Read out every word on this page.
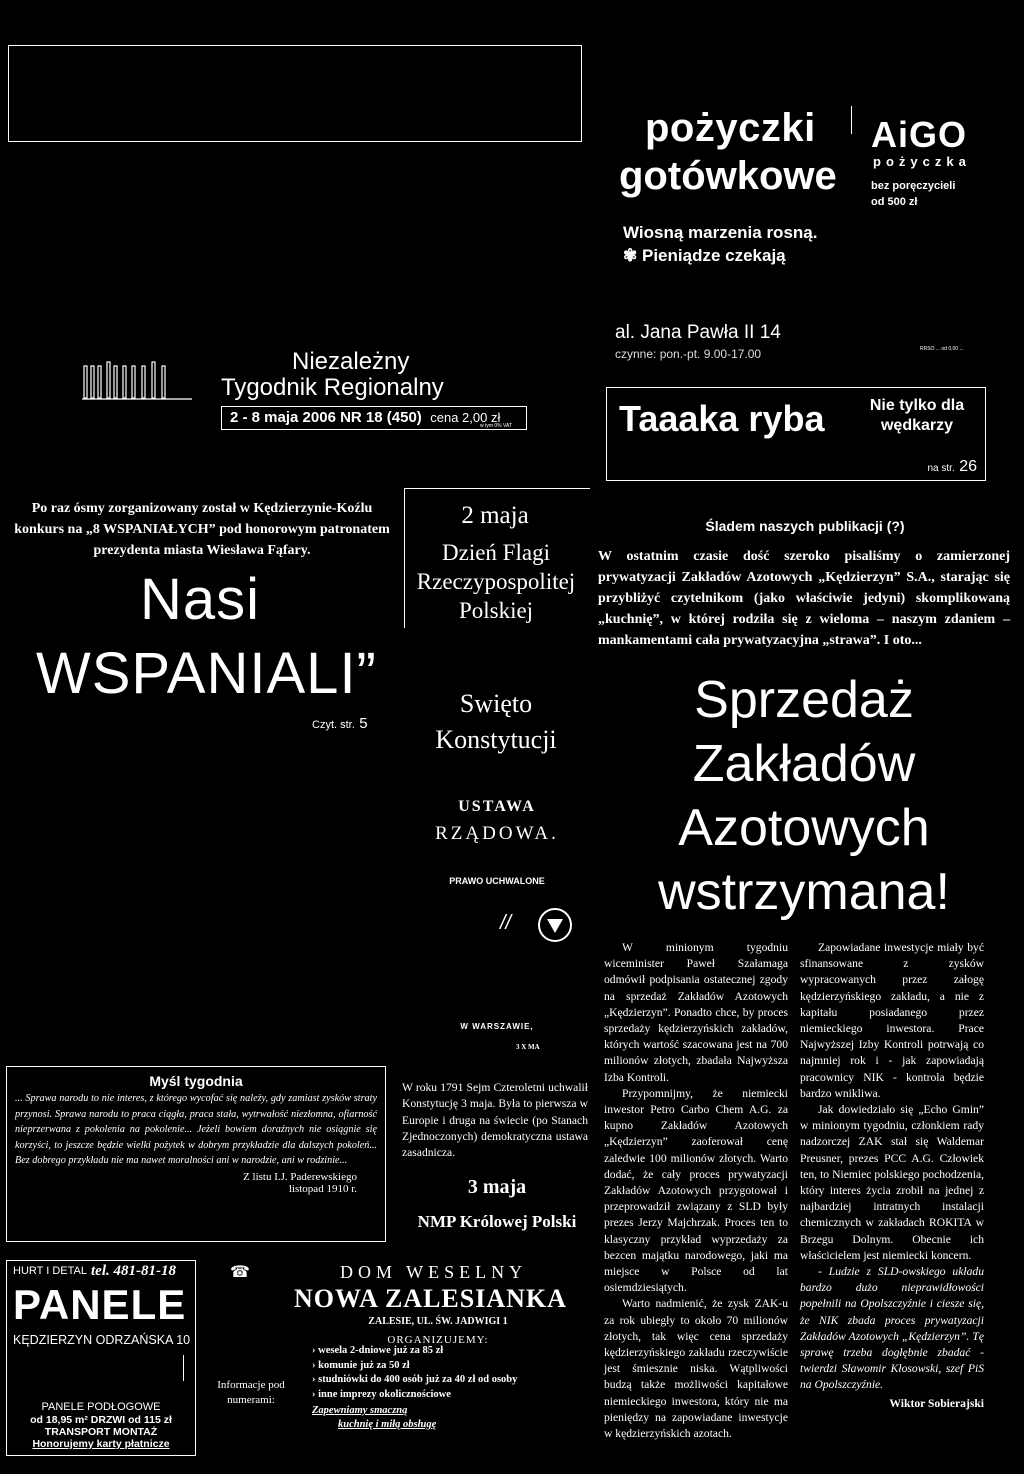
pożyczki
gotówkowe
Wiosną marzenia rosną.
✾ Pieniądze czekają
AiGO
pożyczka
bez poręczycieli
od 500 zł
al. Jana Pawła II 14
czynne: pon.-pt. 9.00-17.00	RRSO ... od 0,00 ...
Niezależny
Tygodnik Regionalny
2 - 8 maja 2006 NR 18 (450) cena 2,00 zł
w tym 0% VAT	Taaaka ryba	Nie tylko dla wędkarzy
na str. 26
Po raz ósmy zorganizowany został w Kędzierzynie-Koźlu konkurs na „8 WSPANIAŁYCH” pod honorowym patronatem prezydenta miasta Wiesława Fąfary.
Nasi
WSPANIALI”
Czyt. str. 5
2 maja
Dzień Flagi Rzeczypospolitej Polskiej
Swięto Konstytucji
USTAWA
RZĄDOWA.
PRAWO UCHWALONE
//
W WARSZAWIE,
3 X MA
W roku 1791 Sejm Czteroletni uchwalił Konstytucję 3 maja. Była to pierwsza w Europie i druga na świecie (po Stanach Zjednoczonych) demokratyczna ustawa zasadnicza.
3 maja
NMP Królowej Polski
Myśl tygodnia
... Sprawa narodu to nie interes, z którego wycofać się należy, gdy zamiast zysków straty przynosi. Sprawa narodu to praca ciągła, praca stała, wytrwałość niezłomna, ofiarność nieprzerwana z pokolenia na pokolenie... Jeżeli bowiem doraźnych nie osiągnie się korzyści, to jeszcze będzie wielki pożytek w dobrym przykładzie dla dalszych pokoleń... Bez dobrego przykładu nie ma nawet moralności ani w narodzie, ani w rodzinie...
Z listu I.J. Paderewskiego
listopad 1910 r.
HURT I DETAL tel. 481-81-18
PANELE
KĘDZIERZYN ODRZAŃSKA 10
PANELE PODŁOGOWE
od 18,95 m² DRZWI od 115 zł
TRANSPORT MONTAŻ
Honorujemy karty płatnicze
☎
Informacje pod numerami:
DOM WESELNY
NOWA ZALESIANKA
ZALESIE, UL. ŚW. JADWIGI 1
ORGANIZUJEMY:
› wesela 2-dniowe już za 85 zł
› komunie już za 50 zł
› studniówki do 400 osób już za 40 zł od osoby
› inne imprezy okolicznościowe
Zapewniamy smaczną
kuchnię i miłą obsługę
Śladem naszych publikacji (?)
W ostatnim czasie dość szeroko pisaliśmy o zamierzonej prywatyzacji Zakładów Azotowych „Kędzierzyn” S.A., starając się przybliżyć czytelnikom (jako właściwie jedyni) skomplikowaną „kuchnię”, w której rodziła się z wieloma – naszym zdaniem – mankamentami cała prywatyzacyjna „strawa”. I oto...
Sprzedaż
Zakładów
Azotowych
wstrzymana!

W minionym tygodniu wiceminister Paweł Szałamaga odmówił podpisania ostatecznej zgody na sprzedaż Zakładów Azotowych „Kędzierzyn”. Ponadto chce, by proces sprzedaży kędzierzyńskich zakładów, których wartość szacowana jest na 700 milionów złotych, zbadała Najwyższa Izba Kontroli.

Przypomnijmy, że niemiecki inwestor Petro Carbo Chem A.G. za kupno Zakładów Azotowych „Kędzierzyn” zaoferował cenę zaledwie 100 milionów złotych. Warto dodać, że cały proces prywatyzacji Zakładów Azotowych przygotował i przeprowadził związany z SLD były prezes Jerzy Majchrzak. Proces ten to klasyczny przykład wyprzedaży za bezcen majątku narodowego, jaki ma miejsce w Polsce od lat osiemdziesiątych.

Warto nadmienić, że zysk ZAK-u za rok ubiegły to około 70 milionów złotych, tak więc cena sprzedaży kędzierzyńskiego zakładu rzeczywiście jest śmiesznie niska. Wątpliwości budzą także możliwości kapitałowe niemieckiego inwestora, który nie ma pieniędzy na zapowiadane inwestycje w kędzierzyńskich azotach.

Zapowiadane inwestycje miały być sfinansowane z zysków wypracowanych przez załogę kędzierzyńskiego zakładu, a nie z kapitału posiadanego przez niemieckiego inwestora. Prace Najwyższej Izby Kontroli potrwają co najmniej rok i - jak zapowiadają pracownicy NIK - kontrola będzie bardzo wnikliwa.

Jak dowiedziało się „Echo Gmin” w minionym tygodniu, członkiem rady nadzorczej ZAK stał się Waldemar Preusner, prezes PCC A.G. Człowiek ten, to Niemiec polskiego pochodzenia, który interes życia zrobił na jednej z najbardziej intratnych instalacji chemicznych w zakładach ROKITA w Brzegu Dolnym. Obecnie ich właścicielem jest niemiecki koncern.

- Ludzie z SLD-owskiego układu bardzo dużo nieprawidłowości popełnili na Opolszczyźnie i ciesze się, że NIK zbada proces prywatyzacji Zakładów Azotowych „Kędzierzyn”. Tę sprawę trzeba dogłębnie zbadać - twierdzi Sławomir Kłosowski, szef PiS na Opolszczyźnie.

Wiktor Sobierajski
